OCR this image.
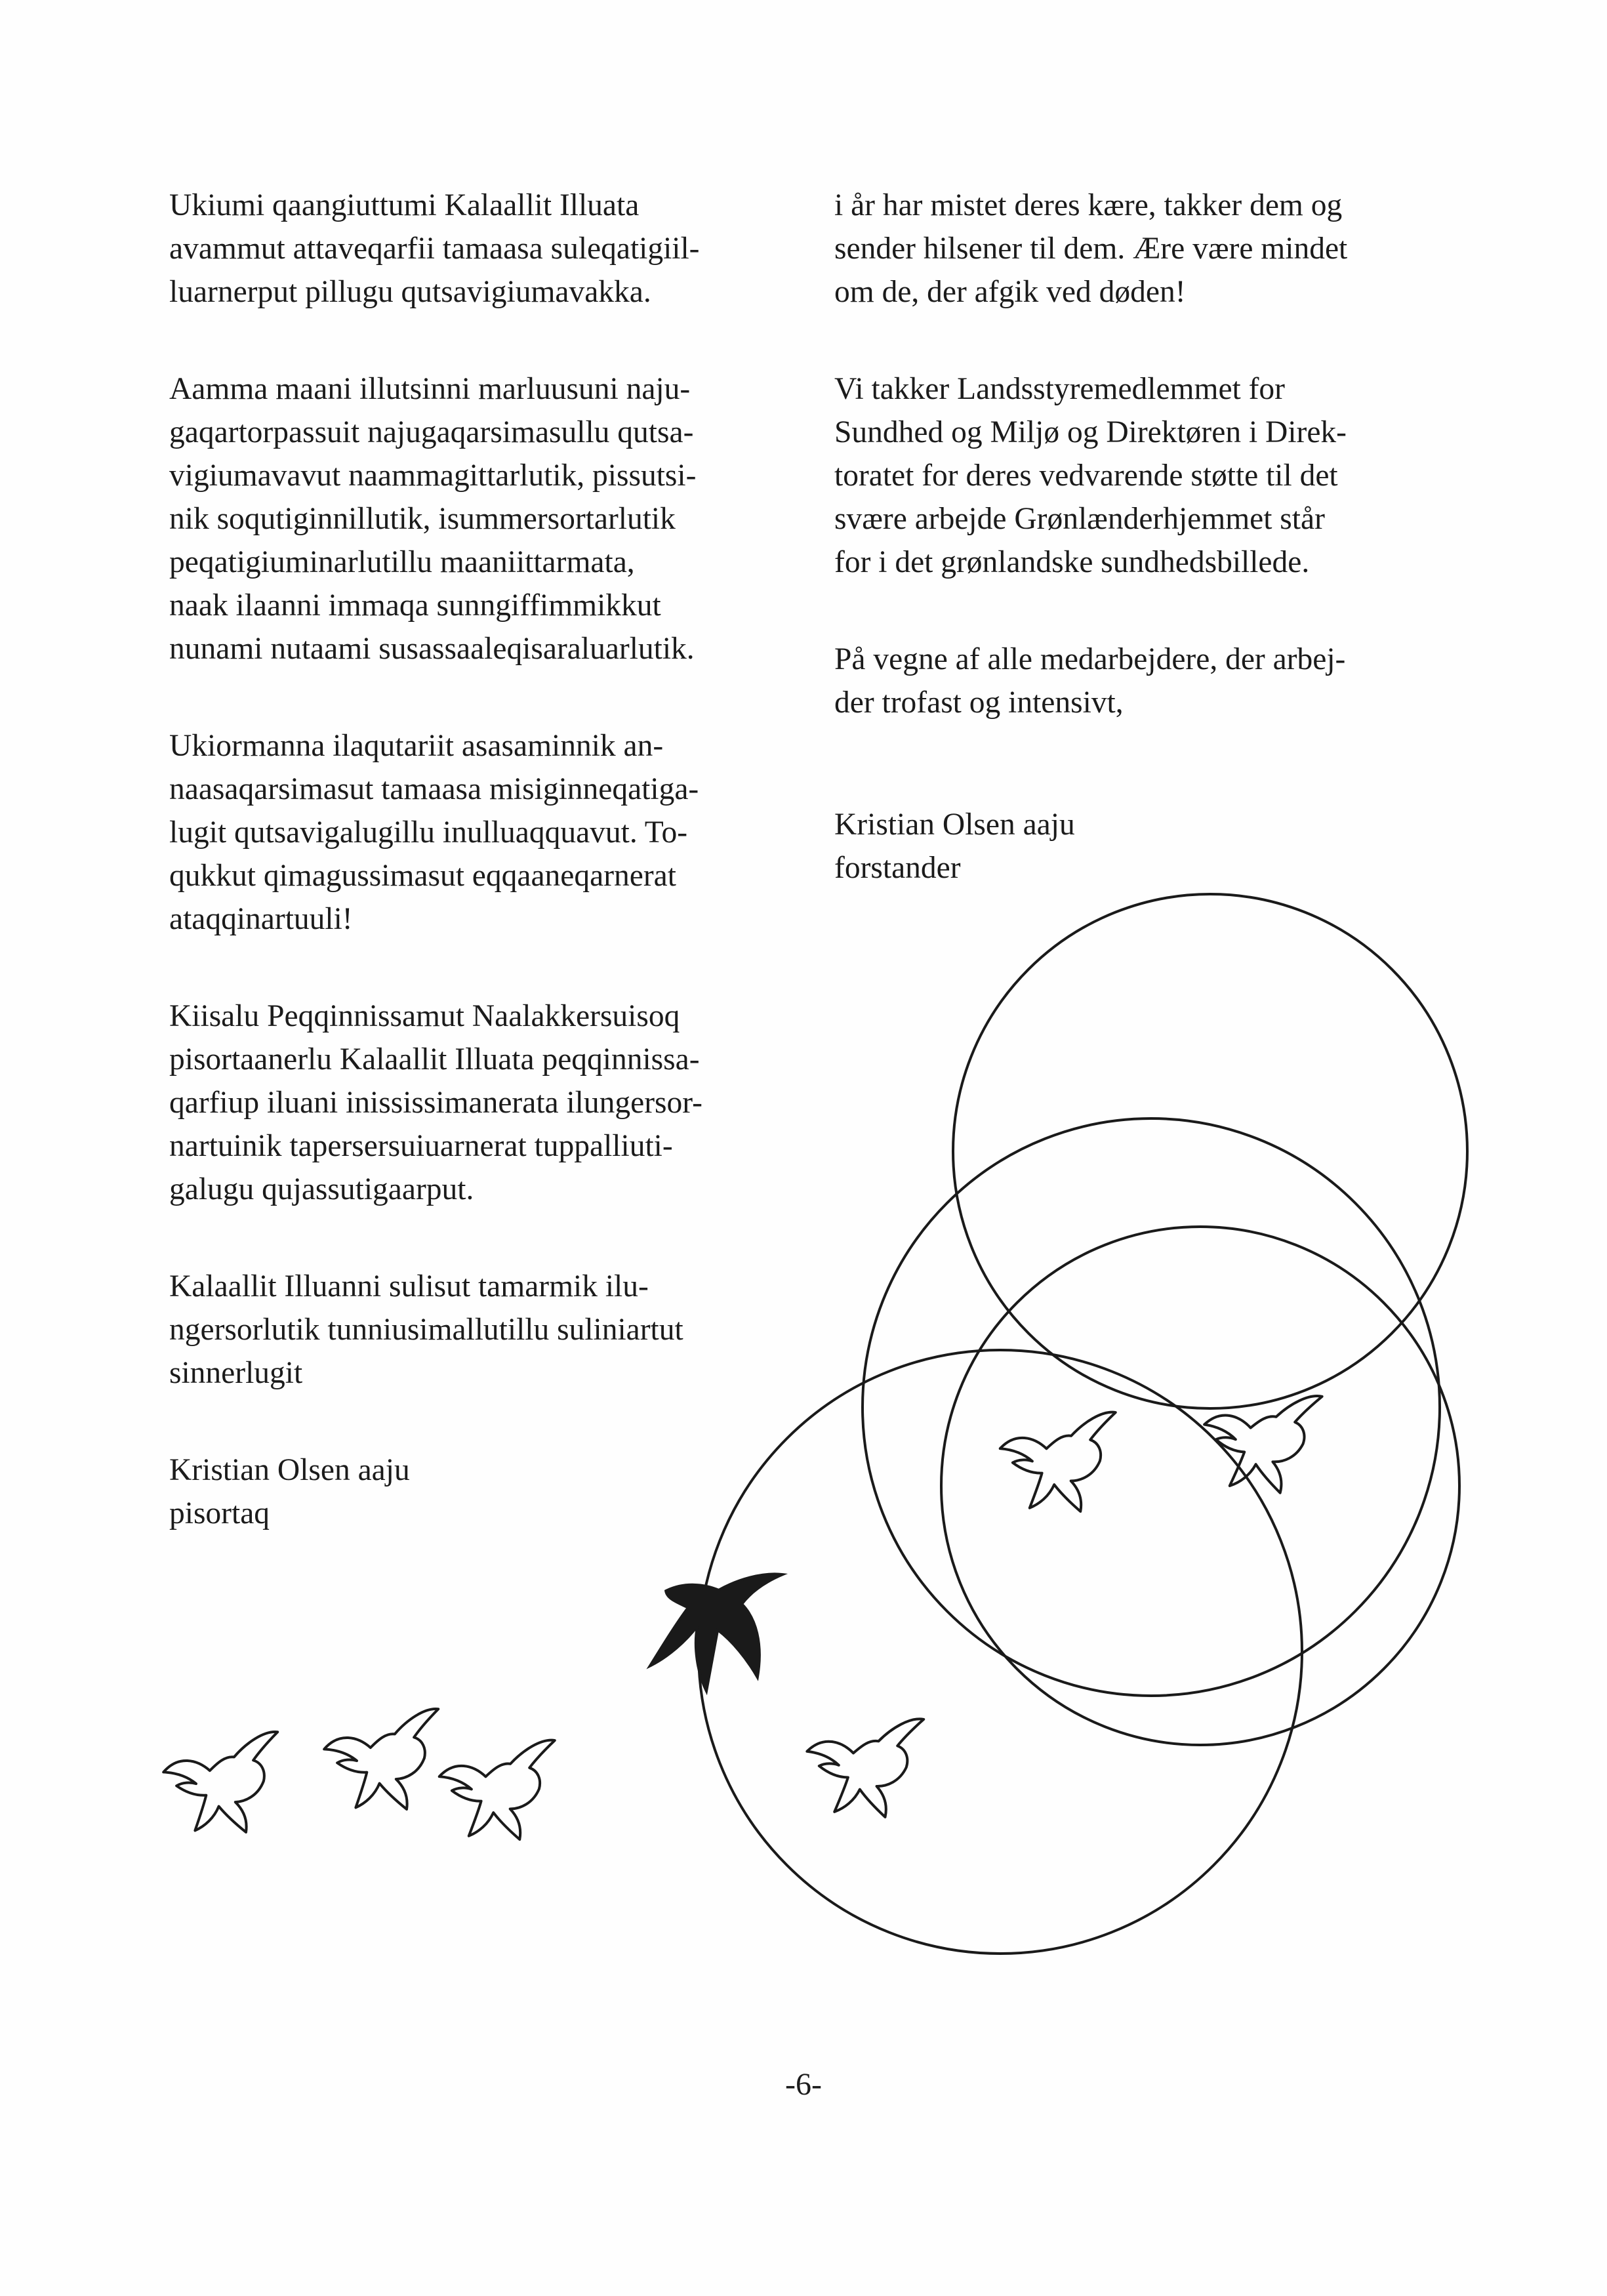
Ukiumi qaangiuttumi Kalaallit Illuata
avammut attaveqarfii tamaasa suleqatigiil-
luarnerput pillugu qutsavigiumavakka.

Aamma maani illutsinni marluusuni naju-
gaqartorpassuit najugaqarsimasullu qutsa-
vigiumavavut naammagittarlutik, pissutsi-
nik soqutiginnillutik, isummersortarlutik
peqatigiuminarlutillu maaniittarmata,
naak ilaanni immaqa sunngiffimmikkut
nunami nutaami susassaaleqisaraluarlutik.

Ukiormanna ilaqutariit asasaminnik an-
naasaqarsimasut tamaasa misiginneqatiga-
lugit qutsavigalugillu inulluaqquavut. To-
qukkut qimagussimasut eqqaaneqarnerat
ataqqinartuuli!

Kiisalu Peqqinnissamut Naalakkersuisoq
pisortaanerlu Kalaallit Illuata peqqinnissa-
qarfiup iluani inississimanerata ilungersor-
nartuinik tapersersuiuarnerat tuppalliuti-
galugu qujassutigaarput.

Kalaallit Illuanni sulisut tamarmik ilu-
ngersorlutik tunniusimallutillu suliniartut
sinnerlugit

Kristian Olsen aaju
pisortaq

i år har mistet deres kære, takker dem og
sender hilsener til dem. Ære være mindet
om de, der afgik ved døden!

Vi takker Landsstyremedlemmet for
Sundhed og Miljø og Direktøren i Direk-
toratet for deres vedvarende støtte til det
svære arbejde Grønlænderhjemmet står
for i det grønlandske sundhedsbillede.

På vegne af alle medarbejdere, der arbej-
der trofast og intensivt,

Kristian Olsen aaju
forstander

-6-
